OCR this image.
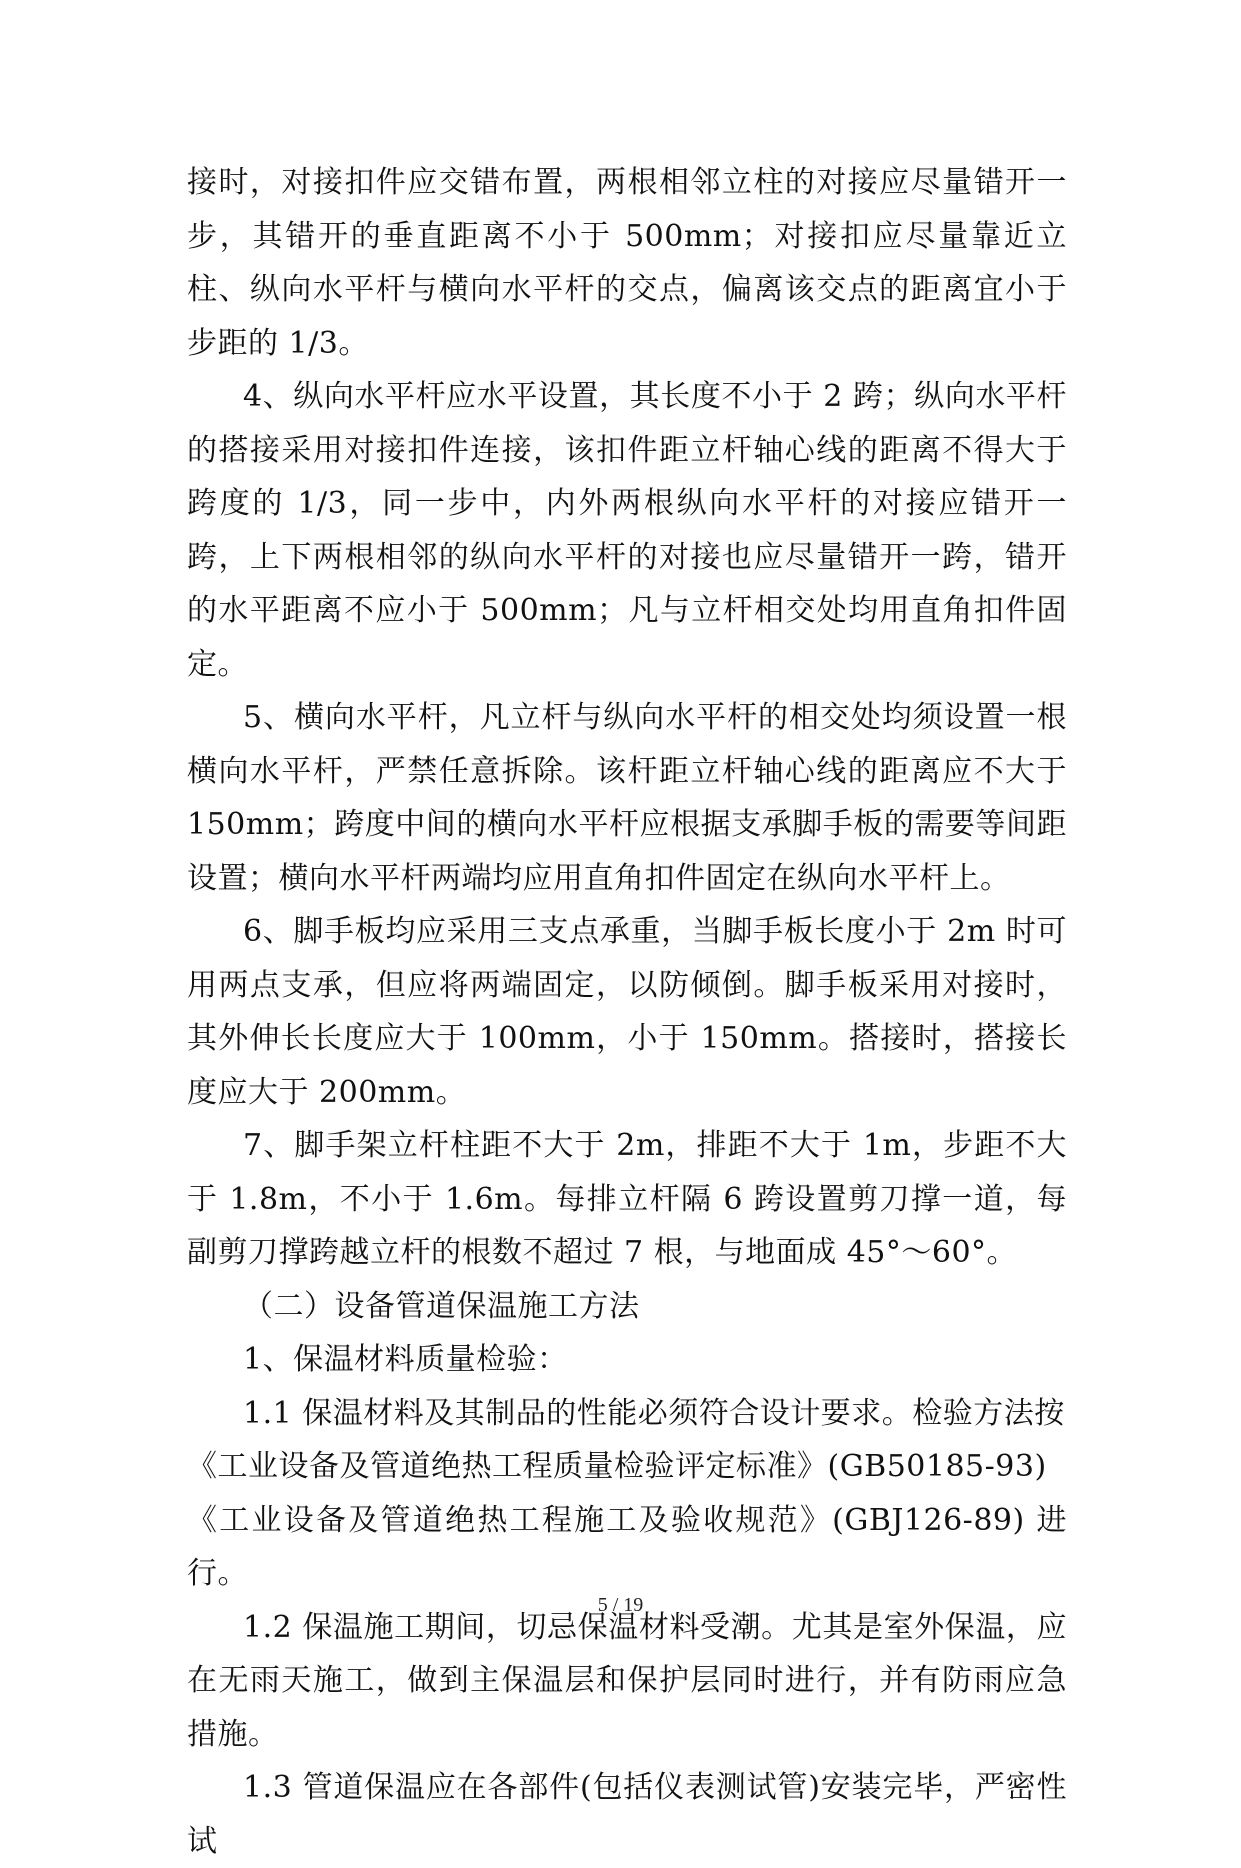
接时，对接扣件应交错布置，两根相邻立柱的对接应尽量错开一步，其错开的垂直距离不小于 500mm；对接扣应尽量靠近立柱、纵向水平杆与横向水平杆的交点，偏离该交点的距离宜小于步距的 1/3。

4、纵向水平杆应水平设置，其长度不小于 2 跨；纵向水平杆的搭接采用对接扣件连接，该扣件距立杆轴心线的距离不得大于跨度的 1/3，同一步中，内外两根纵向水平杆的对接应错开一跨，上下两根相邻的纵向水平杆的对接也应尽量错开一跨，错开的水平距离不应小于 500mm；凡与立杆相交处均用直角扣件固定。

5、横向水平杆，凡立杆与纵向水平杆的相交处均须设置一根横向水平杆，严禁任意拆除。该杆距立杆轴心线的距离应不大于 150mm；跨度中间的横向水平杆应根据支承脚手板的需要等间距设置；横向水平杆两端均应用直角扣件固定在纵向水平杆上。

6、脚手板均应采用三支点承重，当脚手板长度小于 2m 时可用两点支承，但应将两端固定，以防倾倒。脚手板采用对接时，其外伸长长度应大于 100mm，小于 150mm。搭接时，搭接长度应大于 200mm。

7、脚手架立杆柱距不大于 2m，排距不大于 1m，步距不大于 1.8m，不小于 1.6m。每排立杆隔 6 跨设置剪刀撑一道，每副剪刀撑跨越立杆的根数不超过 7 根，与地面成 45°～60°。

（二）设备管道保温施工方法

1、保温材料质量检验：

1.1 保温材料及其制品的性能必须符合设计要求。检验方法按

《工业设备及管道绝热工程质量检验评定标准》(GB50185-93)

《工业设备及管道绝热工程施工及验收规范》(GBJ126-89) 进行。

1.2 保温施工期间，切忌保温材料受潮。尤其是室外保温，应在无雨天施工，做到主保温层和保护层同时进行，并有防雨应急措施。

1.3 管道保温应在各部件(包括仪表测试管)安装完毕，严密性试

5 / 19
